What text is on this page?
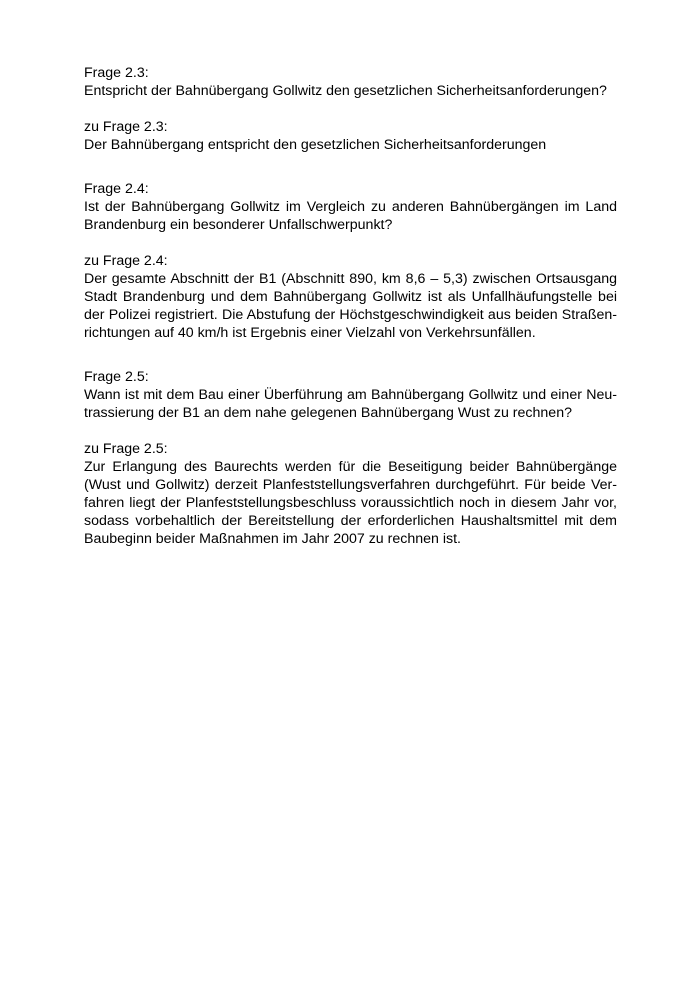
Frage 2.3:
Entspricht der Bahnübergang Gollwitz den gesetzlichen Sicherheitsanforderungen?
zu Frage 2.3:
Der Bahnübergang entspricht den gesetzlichen Sicherheitsanforderungen
Frage 2.4:
Ist der Bahnübergang Gollwitz im Vergleich zu anderen Bahnübergängen im Land
Brandenburg ein besonderer Unfallschwerpunkt?
zu Frage 2.4:
Der gesamte Abschnitt der B1 (Abschnitt 890, km 8,6 – 5,3) zwischen Ortsausgang
Stadt Brandenburg und dem Bahnübergang Gollwitz ist als Unfallhäufungstelle bei
der Polizei registriert. Die Abstufung der Höchstgeschwindigkeit aus beiden Straßen-
richtungen auf 40 km/h ist Ergebnis einer Vielzahl von Verkehrsunfällen.
Frage 2.5:
Wann ist mit dem Bau einer Überführung am Bahnübergang Gollwitz und einer Neu-
trassierung der B1 an dem nahe gelegenen Bahnübergang Wust zu rechnen?
zu Frage 2.5:
Zur Erlangung des Baurechts werden für die Beseitigung beider Bahnübergänge
(Wust und Gollwitz) derzeit Planfeststellungsverfahren durchgeführt. Für beide Ver-
fahren liegt der Planfeststellungsbeschluss voraussichtlich noch in diesem Jahr vor,
sodass vorbehaltlich der Bereitstellung der erforderlichen Haushaltsmittel mit dem
Baubeginn beider Maßnahmen im Jahr 2007 zu rechnen ist.
